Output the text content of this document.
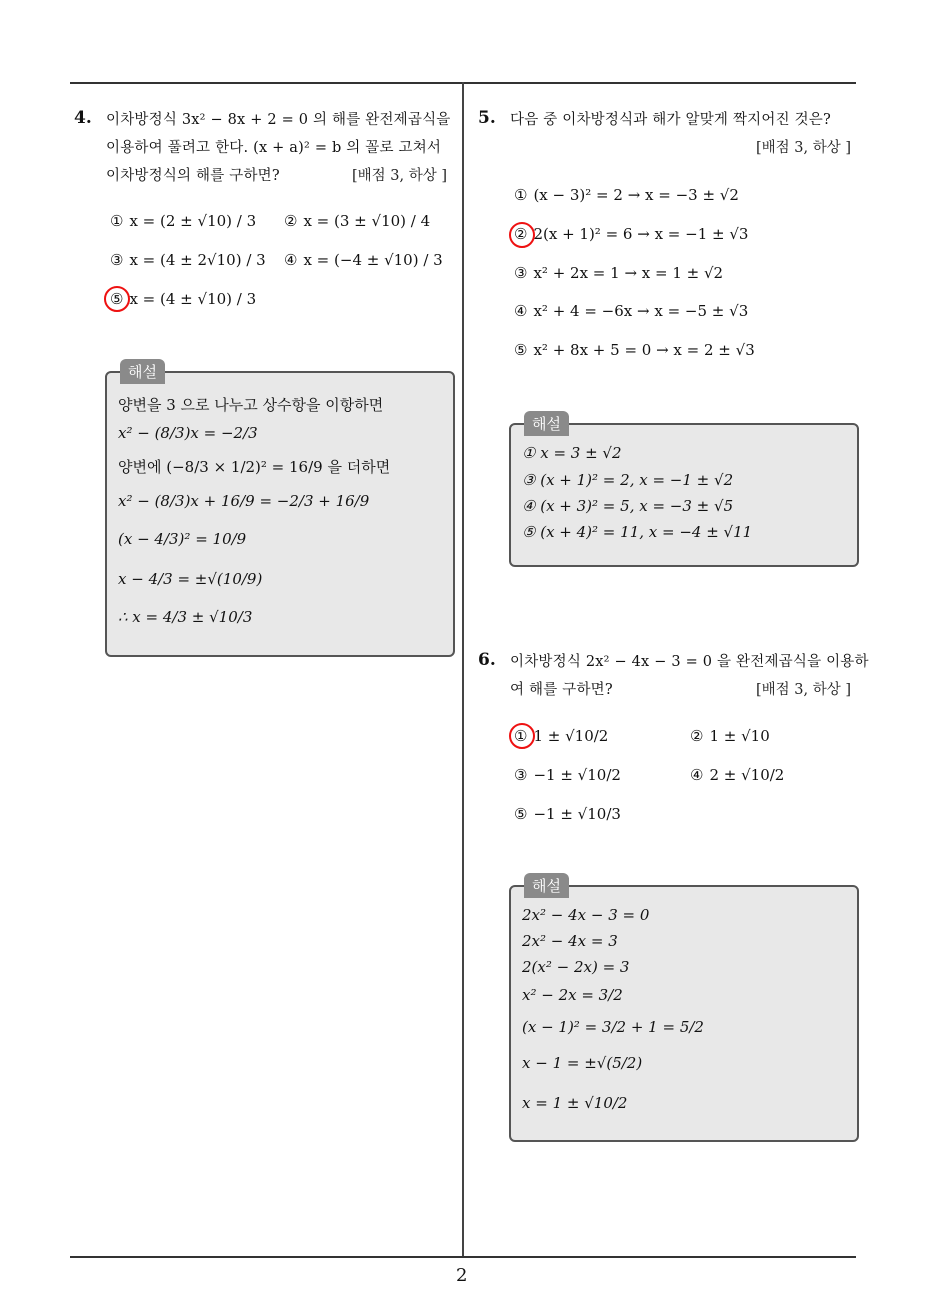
2
4. 이차방정식 3x² − 8x + 2 = 0 의 해를 완전제곱식을
이용하여 풀려고 한다. (x + a)² = b 의 꼴로 고쳐서
이차방정식의 해를 구하면?	[배점 3, 하상 ]
① x = (2 ± √10) / 3 ② x = (3 ± √10) / 4
③ x = (4 ± 2√10) / 3 ④ x = (−4 ± √10) / 3
⑤ x = (4 ± √10) / 3
해설
양변을 3 으로 나누고 상수항을 이항하면
x² − (8/3)x = −2/3
양변에 (−8/3 × 1/2)² = 16/9 을 더하면
x² − (8/3)x + 16/9 = −2/3 + 16/9
(x − 4/3)² = 10/9
x − 4/3 = ±√(10/9)
∴ x = 4/3 ± √10/3
5. 다음 중 이차방정식과 해가 알맞게 짝지어진 것은?
[배점 3, 하상 ]
① (x − 3)² = 2 → x = −3 ± √2
② 2(x + 1)² = 6 → x = −1 ± √3
③ x² + 2x = 1 → x = 1 ± √2
④ x² + 4 = −6x → x = −5 ± √3
⑤ x² + 8x + 5 = 0 → x = 2 ± √3
해설
① x = 3 ± √2
③ (x + 1)² = 2, x = −1 ± √2
④ (x + 3)² = 5, x = −3 ± √5
⑤ (x + 4)² = 11, x = −4 ± √11
6. 이차방정식 2x² − 4x − 3 = 0 을 완전제곱식을 이용하
여 해를 구하면?	[배점 3, 하상 ]
① 1 ± √10/2	② 1 ± √10
③ −1 ± √10/2	④ 2 ± √10/2
⑤ −1 ± √10/3
해설
2x² − 4x − 3 = 0
2x² − 4x = 3
2(x² − 2x) = 3
x² − 2x = 3/2
(x − 1)² = 3/2 + 1 = 5/2
x − 1 = ±√(5/2)
x = 1 ± √10/2
